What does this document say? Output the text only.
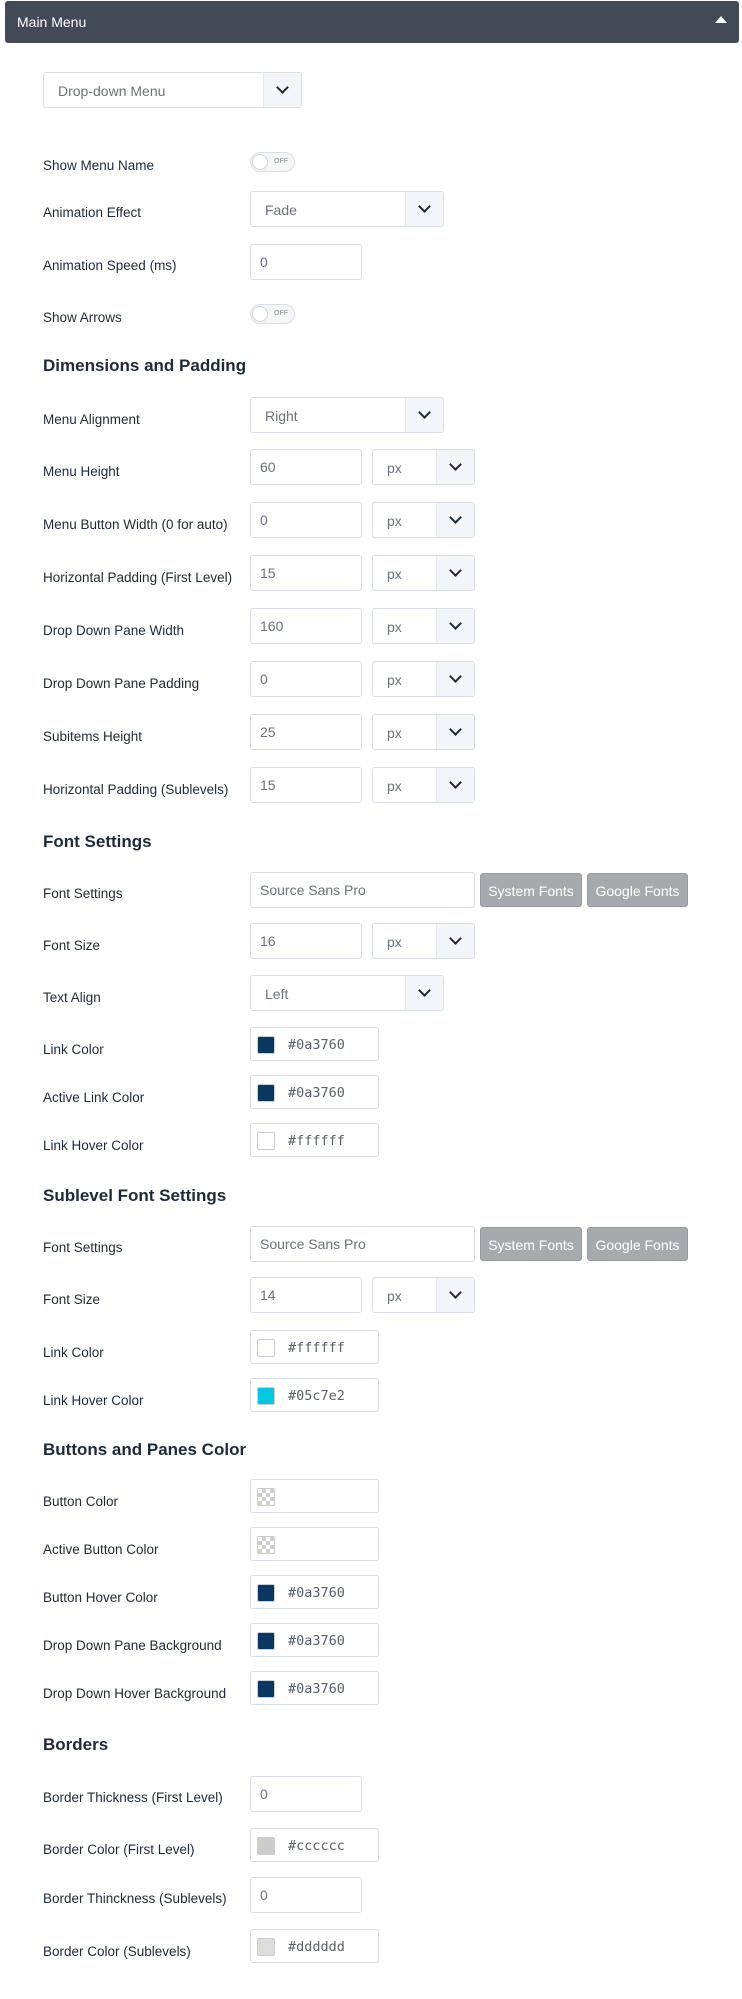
Main Menu
Drop-down Menu
Show Menu Name	OFF
Animation Effect	Fade
Animation Speed (ms)	0
Show Arrows	OFF
Dimensions and Padding
Menu Alignment	Right
Menu Height	60	px
Menu Button Width (0 for auto)	0	px
Horizontal Padding (First Level)	15	px
Drop Down Pane Width	160	px
Drop Down Pane Padding	0	px
Subitems Height	25	px
Horizontal Padding (Sublevels)	15	px
Font Settings
Font Settings	Source Sans Pro	System Fonts	Google Fonts
Font Size	16	px
Text Align	Left
Link Color	#0a3760
Active Link Color	#0a3760
Link Hover Color	#ffffff
Sublevel Font Settings
Font Settings	Source Sans Pro	System Fonts	Google Fonts
Font Size	14	px
Link Color	#ffffff
Link Hover Color	#05c7e2
Buttons and Panes Color
Button Color
Active Button Color
Button Hover Color	#0a3760
Drop Down Pane Background	#0a3760
Drop Down Hover Background	#0a3760
Borders
Border Thickness (First Level)	0
Border Color (First Level)	#cccccc
Border Thinckness (Sublevels)	0
Border Color (Sublevels)	#dddddd
